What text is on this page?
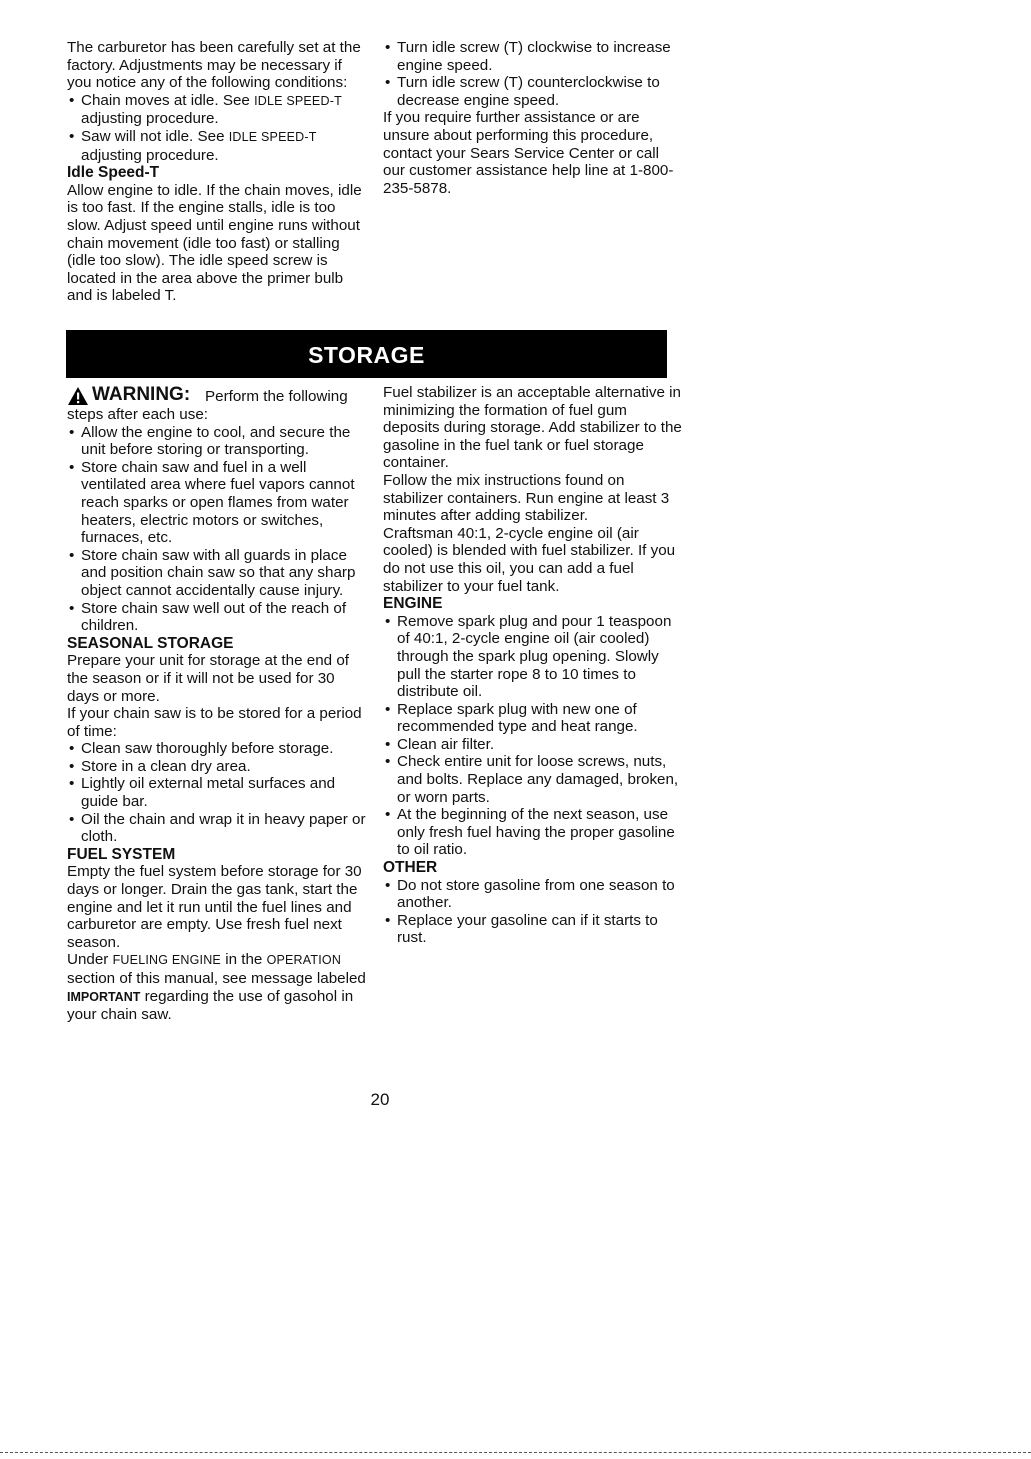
The carburetor has been carefully set at the factory. Adjustments may be necessary if you notice any of the following conditions:

• Chain moves at idle. See IDLE SPEED-T adjusting procedure.
• Saw will not idle. See IDLE SPEED-T adjusting procedure.

Idle Speed-T

Allow engine to idle. If the chain moves, idle is too fast. If the engine stalls, idle is too slow. Adjust speed until engine runs without chain movement (idle too fast) or stalling (idle too slow). The idle speed screw is located in the area above the primer bulb and is labeled T.

• Turn idle screw (T) clockwise to increase engine speed.
• Turn idle screw (T) counterclockwise to decrease engine speed.

If you require further assistance or are unsure about performing this procedure, contact your Sears Service Center or call our customer assistance help line at 1-800-235-5878.

STORAGE
WARNING: Perform the following steps after each use:

• Allow the engine to cool, and secure the unit before storing or transporting.
• Store chain saw and fuel in a well ventilated area where fuel vapors cannot reach sparks or open flames from water heaters, electric motors or switches, furnaces, etc.
• Store chain saw with all guards in place and position chain saw so that any sharp object cannot accidentally cause injury.
• Store chain saw well out of the reach of children.

SEASONAL STORAGE

Prepare your unit for storage at the end of the season or if it will not be used for 30 days or more.

If your chain saw is to be stored for a period of time:

• Clean saw thoroughly before storage.
• Store in a clean dry area.
• Lightly oil external metal surfaces and guide bar.
• Oil the chain and wrap it in heavy paper or cloth.

FUEL SYSTEM

Empty the fuel system before storage for 30 days or longer. Drain the gas tank, start the engine and let it run until the fuel lines and carburetor are empty. Use fresh fuel next season.

Under FUELING ENGINE in the OPERATION section of this manual, see message labeled IMPORTANT regarding the use of gasohol in your chain saw.

Fuel stabilizer is an acceptable alternative in minimizing the formation of fuel gum deposits during storage. Add stabilizer to the gasoline in the fuel tank or fuel storage container.

Follow the mix instructions found on stabilizer containers. Run engine at least 3 minutes after adding stabilizer.

Craftsman 40:1, 2-cycle engine oil (air cooled) is blended with fuel stabilizer. If you do not use this oil, you can add a fuel stabilizer to your fuel tank.

ENGINE

• Remove spark plug and pour 1 teaspoon of 40:1, 2-cycle engine oil (air cooled) through the spark plug opening. Slowly pull the starter rope 8 to 10 times to distribute oil.
• Replace spark plug with new one of recommended type and heat range.
• Clean air filter.
• Check entire unit for loose screws, nuts, and bolts. Replace any damaged, broken, or worn parts.
• At the beginning of the next season, use only fresh fuel having the proper gasoline to oil ratio.

OTHER

• Do not store gasoline from one season to another.
• Replace your gasoline can if it starts to rust.
20
